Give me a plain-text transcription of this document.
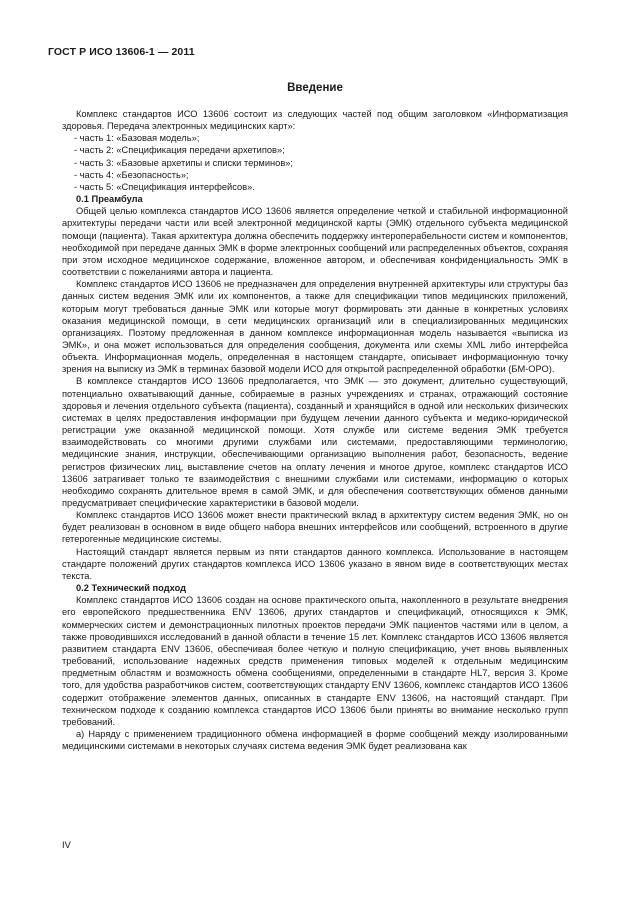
ГОСТ Р ИСО 13606-1 — 2011
Введение

Комплекс стандартов ИСО 13606 состоит из следующих частей под общим заголовком «Информатизация здоровья. Передача электронных медицинских карт»:

- часть 1: «Базовая модель»;
- часть 2: «Спецификация передачи архетипов»;
- часть 3: «Базовые архетипы и списки терминов»;
- часть 4: «Безопасность»;
- часть 5: «Спецификация интерфейсов».
0.1 Преамбула

Общей целью комплекса стандартов ИСО 13606 является определение четкой и стабильной информационной архитектуры передачи части или всей электронной медицинской карты (ЭМК) отдельного субъекта медицинской помощи (пациента). Такая архитектура должна обеспечить поддержку интероперабельности систем и компонентов, необходимой при передаче данных ЭМК в форме электронных сообщений или распределенных объектов, сохраняя при этом исходное медицинское содержание, вложенное автором, и обеспечивая конфиденциальность ЭМК в соответствии с пожеланиями автора и пациента.

Комплекс стандартов ИСО 13606 не предназначен для определения внутренней архитектуры или структуры баз данных систем ведения ЭМК или их компонентов, а также для спецификации типов медицинских приложений, которым могут требоваться данные ЭМК или которые могут формировать эти данные в конкретных условиях оказания медицинской помощи, в сети медицинских организаций или в специализированных медицинских организациях. Поэтому предложенная в данном комплексе информационная модель называется «выписка из ЭМК», и она может использоваться для определения сообщения, документа или схемы XML либо интерфейса объекта. Информационная модель, определенная в настоящем стандарте, описывает информационную точку зрения на выписку из ЭМК в терминах базовой модели ИСО для открытой распределенной обработки (БМ-ОРО).

В комплексе стандартов ИСО 13606 предполагается, что ЭМК — это документ, длительно существующий, потенциально охватывающий данные, собираемые в разных учреждениях и странах, отражающий состояние здоровья и лечения отдельного субъекта (пациента), созданный и хранящийся в одной или нескольких физических системах в целях предоставления информации при будущем лечении данного субъекта и медико-юридической регистрации уже оказанной медицинской помощи. Хотя службе или системе ведения ЭМК требуется взаимодействовать со многими другими службами или системами, предоставляющими терминологию, медицинские знания, инструкции, обеспечивающими организацию выполнения работ, безопасность, ведение регистров физических лиц, выставление счетов на оплату лечения и многое другое, комплекс стандартов ИСО 13606 затрагивает только те взаимодействия с внешними службами или системами, информацию о которых необходимо сохранять длительное время в самой ЭМК, и для обеспечения соответствующих обменов данными предусматривает специфические характеристики в базовой модели.

Комплекс стандартов ИСО 13606 может внести практический вклад в архитектуру систем ведения ЭМК, но он будет реализован в основном в виде общего набора внешних интерфейсов или сообщений, встроенного в другие гетерогенные медицинские системы.

Настоящий стандарт является первым из пяти стандартов данного комплекса. Использование в настоящем стандарте положений других стандартов комплекса ИСО 13606 указано в явном виде в соответствующих местах текста.

0.2 Технический подход

Комплекс стандартов ИСО 13606 создан на основе практического опыта, накопленного в результате внедрения его европейского предшественника ENV 13606, других стандартов и спецификаций, относящихся к ЭМК, коммерческих систем и демонстрационных пилотных проектов передачи ЭМК пациентов частями или в целом, а также проводившихся исследований в данной области в течение 15 лет. Комплекс стандартов ИСО 13606 является развитием стандарта ENV 13606, обеспечивая более четкую и полную спецификацию, учет вновь выявленных требований, использование надежных средств применения типовых моделей к отдельным медицинским предметным областям и возможность обмена сообщениями, определенными в стандарте HL7, версия 3. Кроме того, для удобства разработчиков систем, соответствующих стандарту ENV 13606, комплекс стандартов ИСО 13606 содержит отображение элементов данных, описанных в стандарте ENV 13606, на настоящий стандарт. При техническом подходе к созданию комплекса стандартов ИСО 13606 были приняты во внимание несколько групп требований.

а) Наряду с применением традиционного обмена информацией в форме сообщений между изолированными медицинскими системами в некоторых случаях система ведения ЭМК будет реализована как

IV
